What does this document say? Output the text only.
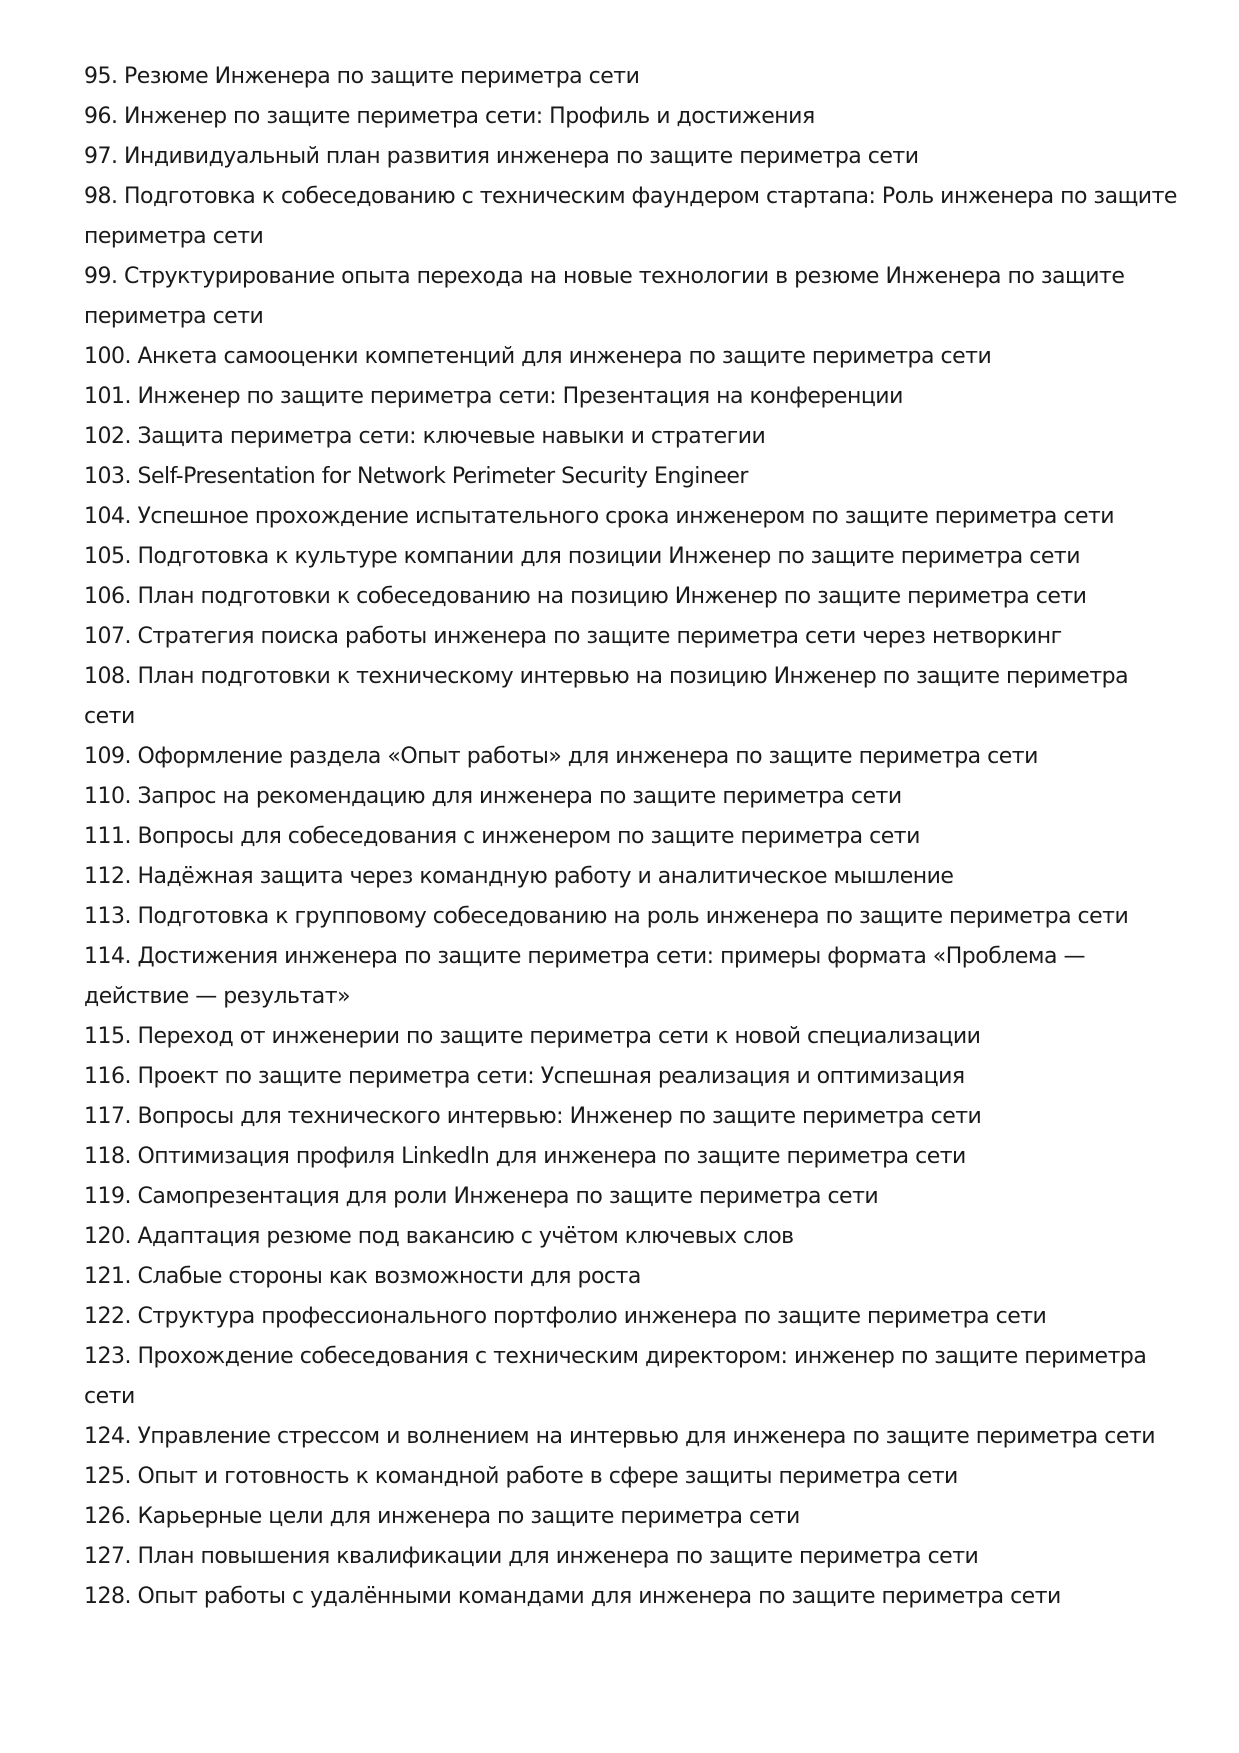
95. Резюме Инженера по защите периметра сети
96. Инженер по защите периметра сети: Профиль и достижения
97. Индивидуальный план развития инженера по защите периметра сети
98. Подготовка к собеседованию с техническим фаундером стартапа: Роль инженера по защите периметра сети
99. Структурирование опыта перехода на новые технологии в резюме Инженера по защите периметра сети
100. Анкета самооценки компетенций для инженера по защите периметра сети
101. Инженер по защите периметра сети: Презентация на конференции
102. Защита периметра сети: ключевые навыки и стратегии
103. Self-Presentation for Network Perimeter Security Engineer
104. Успешное прохождение испытательного срока инженером по защите периметра сети
105. Подготовка к культуре компании для позиции Инженер по защите периметра сети
106. План подготовки к собеседованию на позицию Инженер по защите периметра сети
107. Стратегия поиска работы инженера по защите периметра сети через нетворкинг
108. План подготовки к техническому интервью на позицию Инженер по защите периметра сети
109. Оформление раздела «Опыт работы» для инженера по защите периметра сети
110. Запрос на рекомендацию для инженера по защите периметра сети
111. Вопросы для собеседования с инженером по защите периметра сети
112. Надёжная защита через командную работу и аналитическое мышление
113. Подготовка к групповому собеседованию на роль инженера по защите периметра сети
114. Достижения инженера по защите периметра сети: примеры формата «Проблема — действие — результат»
115. Переход от инженерии по защите периметра сети к новой специализации
116. Проект по защите периметра сети: Успешная реализация и оптимизация
117. Вопросы для технического интервью: Инженер по защите периметра сети
118. Оптимизация профиля LinkedIn для инженера по защите периметра сети
119. Самопрезентация для роли Инженера по защите периметра сети
120. Адаптация резюме под вакансию с учётом ключевых слов
121. Слабые стороны как возможности для роста
122. Структура профессионального портфолио инженера по защите периметра сети
123. Прохождение собеседования с техническим директором: инженер по защите периметра сети
124. Управление стрессом и волнением на интервью для инженера по защите периметра сети
125. Опыт и готовность к командной работе в сфере защиты периметра сети
126. Карьерные цели для инженера по защите периметра сети
127. План повышения квалификации для инженера по защите периметра сети
128. Опыт работы с удалёнными командами для инженера по защите периметра сети
